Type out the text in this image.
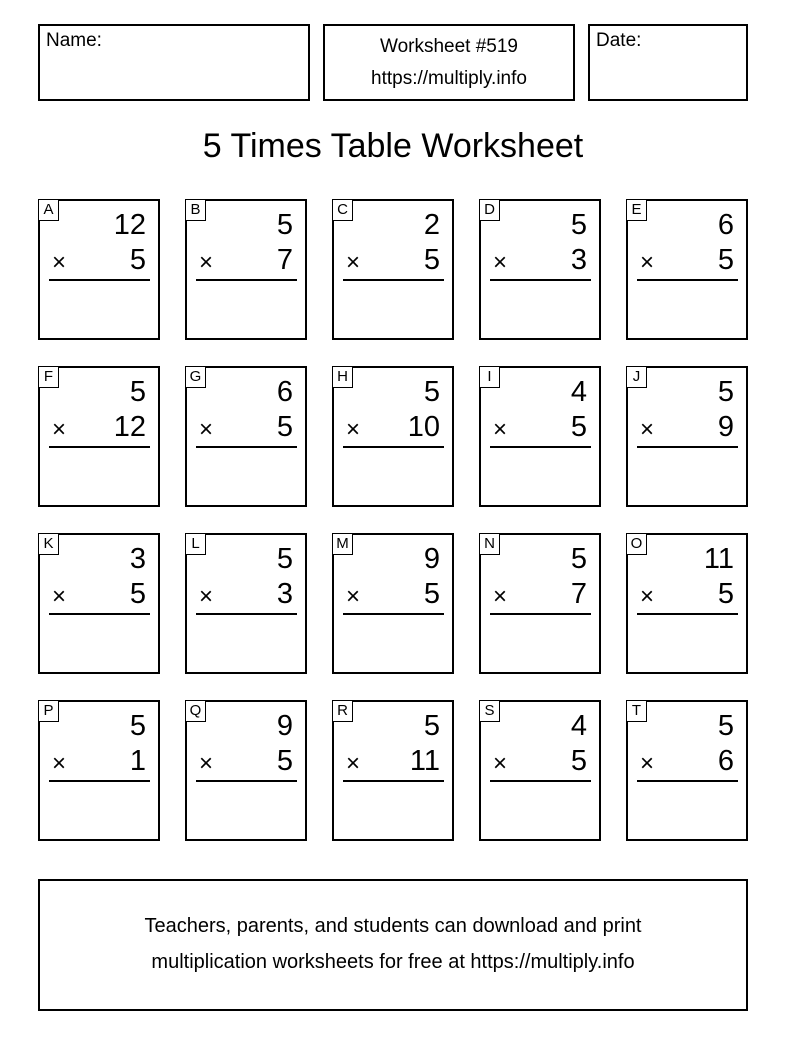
Name:	Worksheet #519
https://multiply.info
Date:
5 Times Table Worksheet
A 12
× 5
B	5
× 7
C	2
× 5
D	5
× 3
E	6
× 5
F	5
× 12
G	6
× 5
H	5
× 10
I	4
× 5
J	5
× 9
K	3
× 5
L	5
× 3
M	9
× 5
N	5
× 7
O 11
× 5
P	5
× 1
Q	9
× 5
R	5
× 11
S	4
× 5
T	5
× 6
Teachers, parents, and students can download and print
multiplication worksheets for free at https://multiply.info
